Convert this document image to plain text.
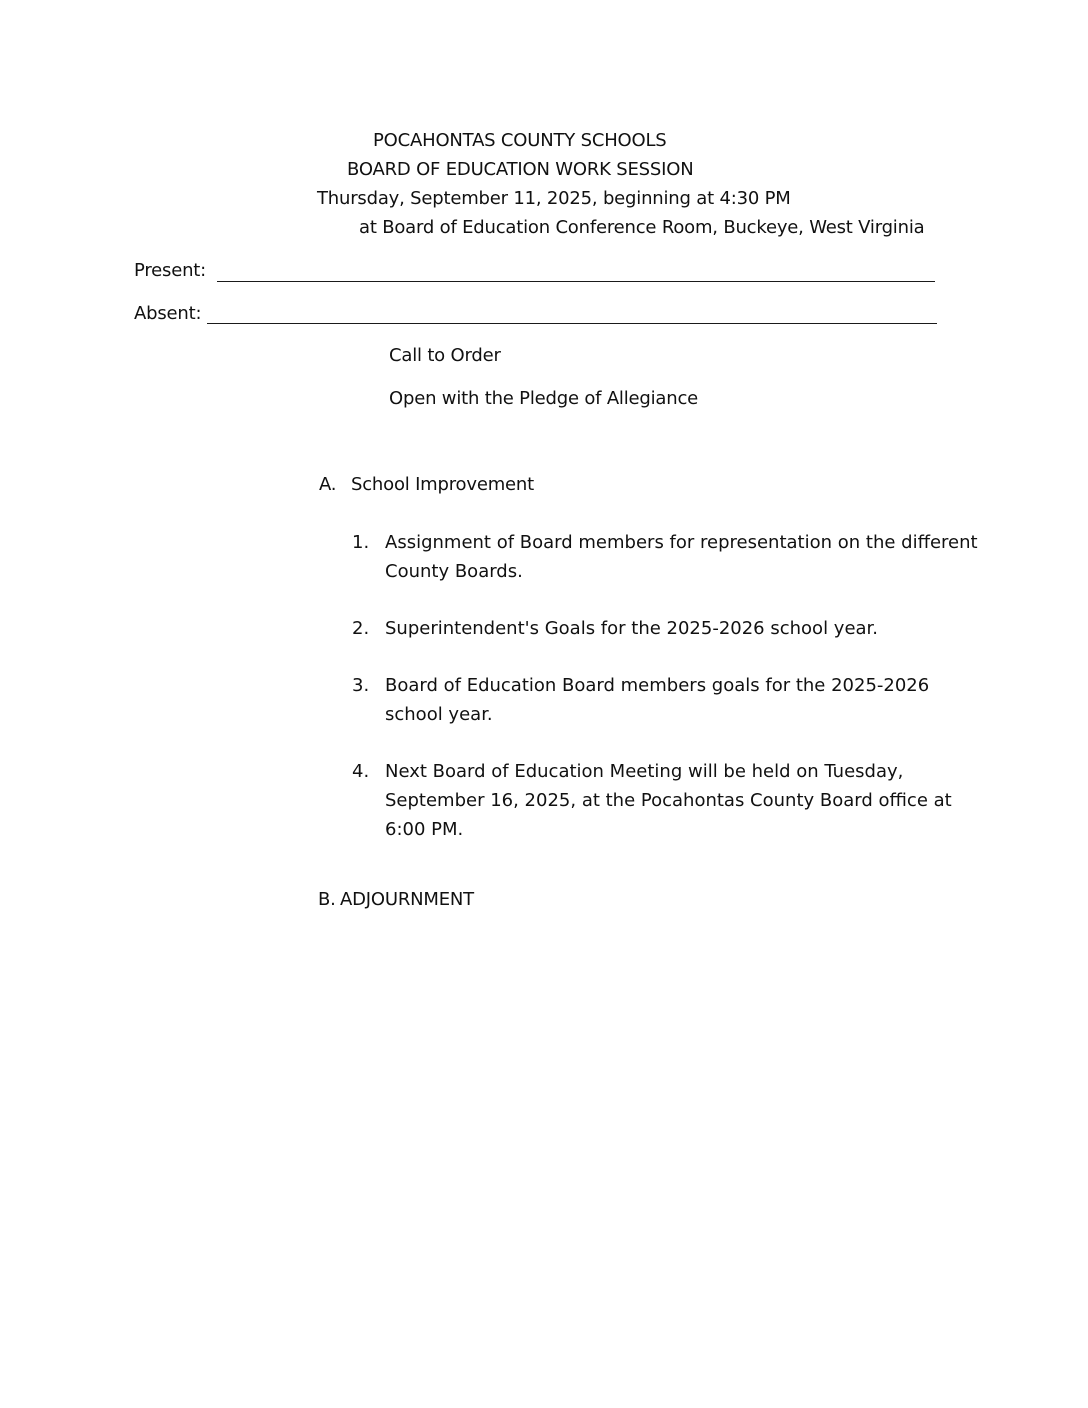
POCAHONTAS COUNTY SCHOOLS
BOARD OF EDUCATION WORK SESSION
Thursday, September 11, 2025, beginning at 4:30 PM
at Board of Education Conference Room, Buckeye, West Virginia
Present:
Absent:
Call to Order
Open with the Pledge of Allegiance
A. School Improvement
1. Assignment of Board members for representation on the different
County Boards.
2. Superintendent's Goals for the 2025-2026 school year.
3. Board of Education Board members goals for the 2025-2026
school year.
4. Next Board of Education Meeting will be held on Tuesday,
September 16, 2025, at the Pocahontas County Board office at
6:00 PM.
B. ADJOURNMENT
